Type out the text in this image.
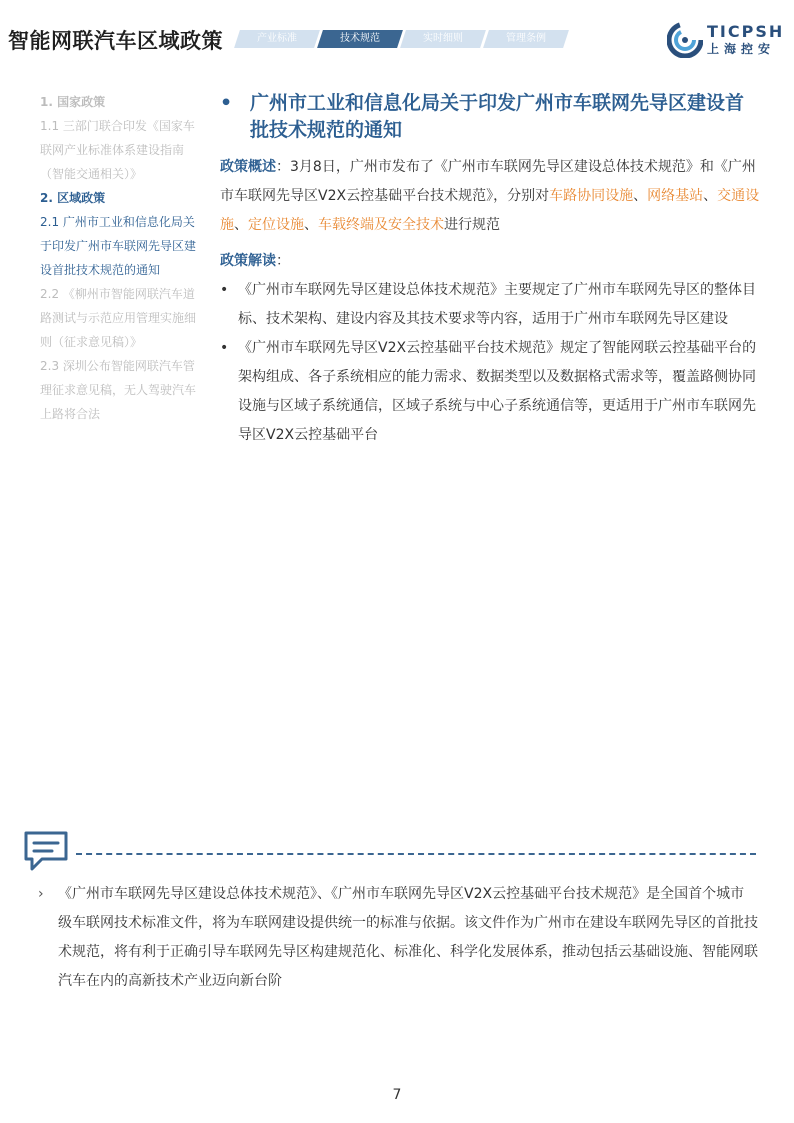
智能网联汽车区域政策	产业标准	技术规范	实时细则	管理条例	TICPSH
上海控安
1. 国家政策
1.1 三部门联合印发《国家车联网产业标准体系建设指南（智能交通相关）》
2. 区域政策
2.1 广州市工业和信息化局关于印发广州市车联网先导区建设首批技术规范的通知
2.2 《柳州市智能网联汽车道路测试与示范应用管理实施细则（征求意见稿）》
2.3 深圳公布智能网联汽车管理征求意见稿，无人驾驶汽车上路将合法
• 广州市工业和信息化局关于印发广州市车联网先导区建设首批技术规范的通知
政策概述：3月8日，广州市发布了《广州市车联网先导区建设总体技术规范》和《广州市车联网先导区V2X云控基础平台技术规范》，分别对车路协同设施、网络基站、交通设施、定位设施、车载终端及安全技术进行规范
政策解读：
• 《广州市车联网先导区建设总体技术规范》主要规定了广州市车联网先导区的整体目标、技术架构、建设内容及其技术要求等内容，适用于广州市车联网先导区建设
• 《广州市车联网先导区V2X云控基础平台技术规范》规定了智能网联云控基础平台的架构组成、各子系统相应的能力需求、数据类型以及数据格式需求等，覆盖路侧协同设施与区域子系统通信，区域子系统与中心子系统通信等，更适用于广州市车联网先导区V2X云控基础平台
› 《广州市车联网先导区建设总体技术规范》、《广州市车联网先导区V2X云控基础平台技术规范》是全国首个城市级车联网技术标准文件，将为车联网建设提供统一的标准与依据。该文件作为广州市在建设车联网先导区的首批技术规范，将有利于正确引导车联网先导区构建规范化、标准化、科学化发展体系，推动包括云基础设施、智能网联汽车在内的高新技术产业迈向新台阶
7
